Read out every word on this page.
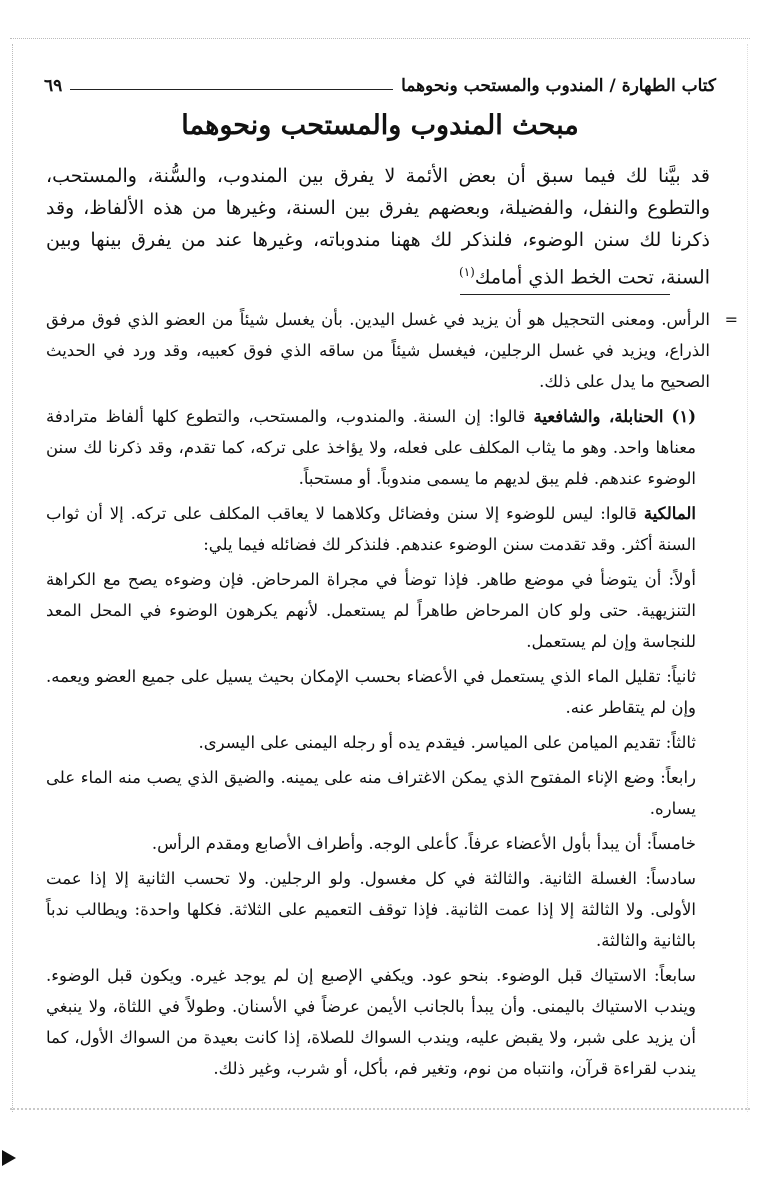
كتاب الطهارة
/
المندوب والمستحب ونحوهما
٦٩
مبحث المندوب والمستحب ونحوهما
قد بيَّنا لك فيما سبق أن بعض الأئمة لا يفرق بين المندوب، والسُّنة، والمستحب، والتطوع والنفل، والفضيلة، وبعضهم يفرق بين السنة، وغيرها من هذه الألفاظ، وقد ذكرنا لك سنن الوضوء، فلنذكر لك ههنا مندوباته، وغيرها عند من يفرق بينها وبين السنة، تحت الخط الذي أمامك$^{(١)}$

=
الرأس. ومعنى التحجيل هو أن يزيد في غسل اليدين. بأن يغسل شيئاً من العضو الذي فوق مرفق الذراع، ويزيد في غسل الرجلين، فيغسل شيئاً من ساقه الذي فوق كعبيه، وقد ورد في الحديث الصحيح ما يدل على ذلك.

(١) الحنابلة، والشافعية قالوا: إن السنة. والمندوب، والمستحب، والتطوع كلها ألفاظ مترادفة معناها واحد. وهو ما يثاب المكلف على فعله، ولا يؤاخذ على تركه، كما تقدم، وقد ذكرنا لك سنن الوضوء عندهم. فلم يبق لديهم ما يسمى مندوباً. أو مستحباً.

المالكية قالوا: ليس للوضوء إلا سنن وفضائل وكلاهما لا يعاقب المكلف على تركه. إلا أن ثواب السنة أكثر. وقد تقدمت سنن الوضوء عندهم. فلنذكر لك فضائله فيما يلي:

أولاً: أن يتوضأ في موضع طاهر. فإذا توضأ في مجراة المرحاض. فإن وضوءه يصح مع الكراهة التنزيهية. حتى ولو كان المرحاض طاهراً لم يستعمل. لأنهم يكرهون الوضوء في المحل المعد للنجاسة وإن لم يستعمل.

ثانياً: تقليل الماء الذي يستعمل في الأعضاء بحسب الإمكان بحيث يسيل على جميع العضو ويعمه. وإن لم يتقاطر عنه.

ثالثاً: تقديم الميامن على المياسر. فيقدم يده أو رجله اليمنى على اليسرى.

رابعاً: وضع الإناء المفتوح الذي يمكن الاغتراف منه على يمينه. والضيق الذي يصب منه الماء على يساره.

خامساً: أن يبدأ بأول الأعضاء عرفاً. كأعلى الوجه. وأطراف الأصابع ومقدم الرأس.

سادساً: الغسلة الثانية. والثالثة في كل مغسول. ولو الرجلين. ولا تحسب الثانية إلا إذا عمت الأولى. ولا الثالثة إلا إذا عمت الثانية. فإذا توقف التعميم على الثلاثة. فكلها واحدة: ويطالب ندباً بالثانية والثالثة.

سابعاً: الاستياك قبل الوضوء. بنحو عود. ويكفي الإصبع إن لم يوجد غيره. ويكون قبل الوضوء. ويندب الاستياك باليمنى. وأن يبدأ بالجانب الأيمن عرضاً في الأسنان. وطولاً في اللثاة، ولا ينبغي أن يزيد على شبر، ولا يقبض عليه، ويندب السواك للصلاة، إذا كانت بعيدة من السواك الأول، كما يندب لقراءة قرآن، وانتباه من نوم، وتغير فم، بأكل، أو شرب، وغير ذلك.
